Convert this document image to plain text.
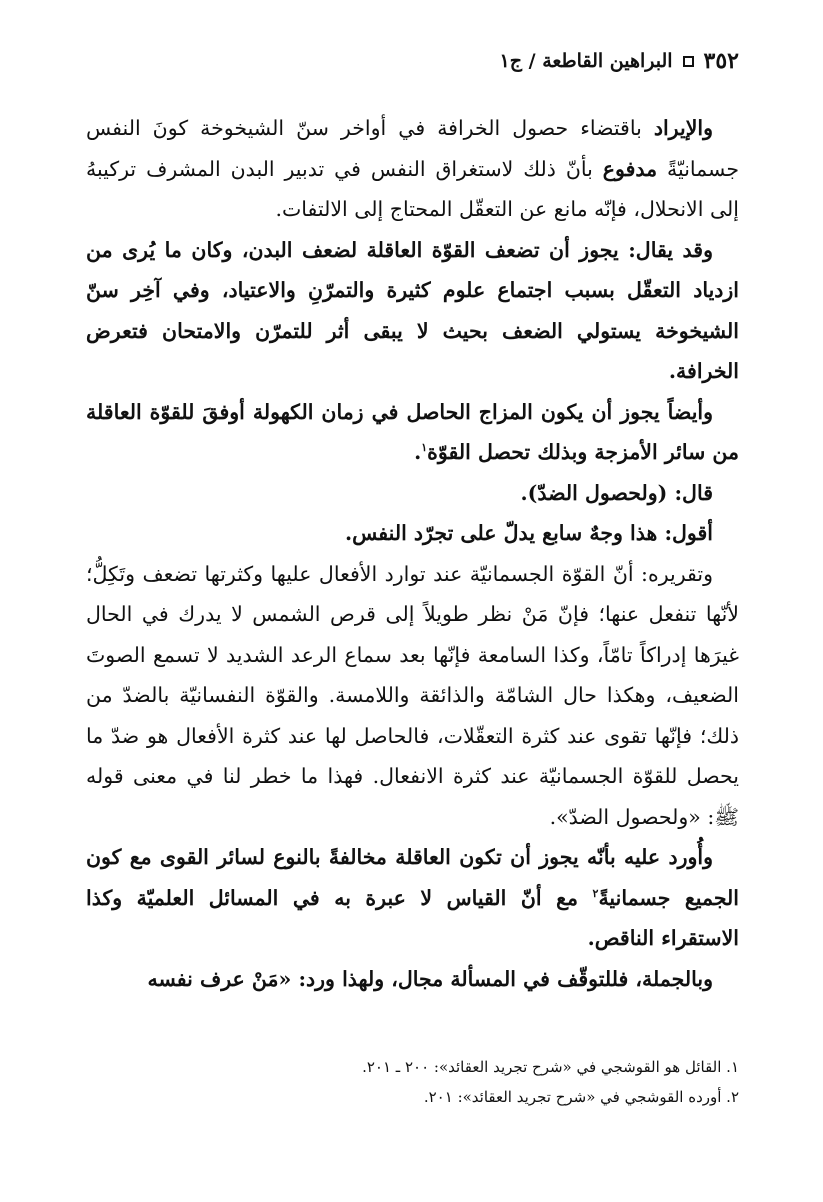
٣٥٢
البراهين القاطعة / ج١

والإيراد باقتضاء حصول الخرافة في أواخر سنّ الشيخوخة كونَ النفس جسمانيّةً مدفوع بأنّ ذلك لاستغراق النفس في تدبير البدن المشرف تركيبهُ إلى الانحلال، فإنّه مانع عن التعقّل المحتاج إلى الالتفات.

وقد يقال: يجوز أن تضعف القوّة العاقلة لضعف البدن، وكان ما يُرى من ازدياد التعقّل بسبب اجتماع علوم كثيرة والتمرّنِ والاعتياد، وفي آخِر سنّ الشيخوخة يستولي الضعف بحيث لا يبقى أثر للتمرّن والامتحان فتعرض الخرافة.

وأيضاً يجوز أن يكون المزاج الحاصل في زمان الكهولة أوفقَ للقوّة العاقلة من سائر الأمزجة وبذلك تحصل القوّة$^١$.

قال: (ولحصول الضدّ).

أقول: هذا وجهٌ سابع يدلّ على تجرّد النفس.

وتقريره: أنّ القوّة الجسمانيّة عند توارد الأفعال عليها وكثرتها تضعف وتَكِلُّ؛ لأنّها تنفعل عنها؛ فإنّ مَنْ نظر طويلاً إلى قرص الشمس لا يدرك في الحال غيرَها إدراكاً تامّاً، وكذا السامعة فإنّها بعد سماع الرعد الشديد لا تسمع الصوتَ الضعيف، وهكذا حال الشامّة والذائقة واللامسة. والقوّة النفسانيّة بالضدّ من ذلك؛ فإنّها تقوى عند كثرة التعقّلات، فالحاصل لها عند كثرة الأفعال هو ضدّ ما يحصل للقوّة الجسمانيّة عند كثرة الانفعال. فهذا ما خطر لنا في معنى قوله ﷺ: «ولحصول الضدّ».

وأُورد عليه بأنّه يجوز أن تكون العاقلة مخالفةً بالنوع لسائر القوى مع كون الجميع جسمانيةً$^٢$ مع أنّ القياس لا عبرة به في المسائل العلميّة وكذا الاستقراء الناقص.

وبالجملة، فللتوقّف في المسألة مجال، ولهذا ورد: «مَنْ عرف نفسه

١. القائل هو القوشجي في «شرح تجريد العقائد»: ٢٠٠ ـ ٢٠١.

٢. أورده القوشجي في «شرح تجريد العقائد»: ٢٠١.
